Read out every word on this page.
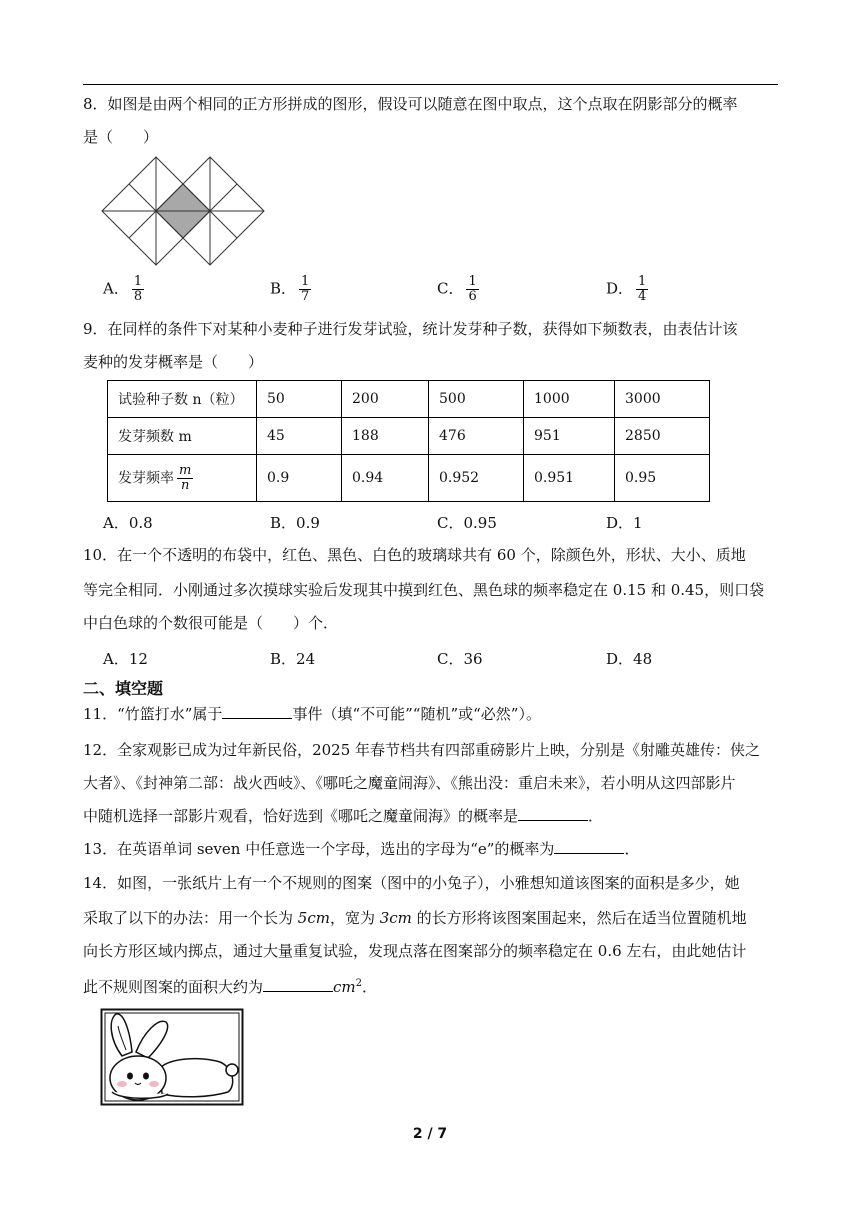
8．如图是由两个相同的正方形拼成的图形，假设可以随意在图中取点，这个点取在阴影部分的概率
是（　　）
A． $\frac{1}{8}$	B． $\frac{1}{7}$	C． $\frac{1}{6}$	D． $\frac{1}{4}$
9．在同样的条件下对某种小麦种子进行发芽试验，统计发芽种子数，获得如下频数表，由表估计该
麦种的发芽概率是（　　）
试验种子数 n（粒）	50	200	500	1000	3000
发芽频数 m	45	188	476	951	2850
发芽频率 $\frac{m}{n}$	0.9	0.94	0.952	0.951	0.95
A．0.8	B．0.9	C．0.95	D．1
10．在一个不透明的布袋中，红色、黑色、白色的玻璃球共有 60 个，除颜色外，形状、大小、质地
等完全相同．小刚通过多次摸球实验后发现其中摸到红色、黑色球的频率稳定在 0.15 和 0.45，则口袋
中白色球的个数很可能是（　　）个．
A．12	B．24	C．36	D．48
二、填空题
11．“竹篮打水”属于	事件（填“不可能”“随机”或“必然”）。
12．全家观影已成为过年新民俗，2025 年春节档共有四部重磅影片上映，分别是《射雕英雄传：侠之
大者》、《封神第二部：战火西岐》、《哪吒之魔童闹海》、《熊出没：重启未来》，若小明从这四部影片
中随机选择一部影片观看，恰好选到《哪吒之魔童闹海》的概率是	．
13．在英语单词 seven 中任意选一个字母，选出的字母为“e”的概率为	．
14．如图，一张纸片上有一个不规则的图案（图中的小兔子），小雅想知道该图案的面积是多少，她
采取了以下的办法：用一个长为 5cm，宽为 3cm 的长方形将该图案围起来，然后在适当位置随机地
向长方形区域内掷点，通过大量重复试验，发现点落在图案部分的频率稳定在 0.6 左右，由此她估计
此不规则图案的面积大约为	$cm^2$．
2 / 7
